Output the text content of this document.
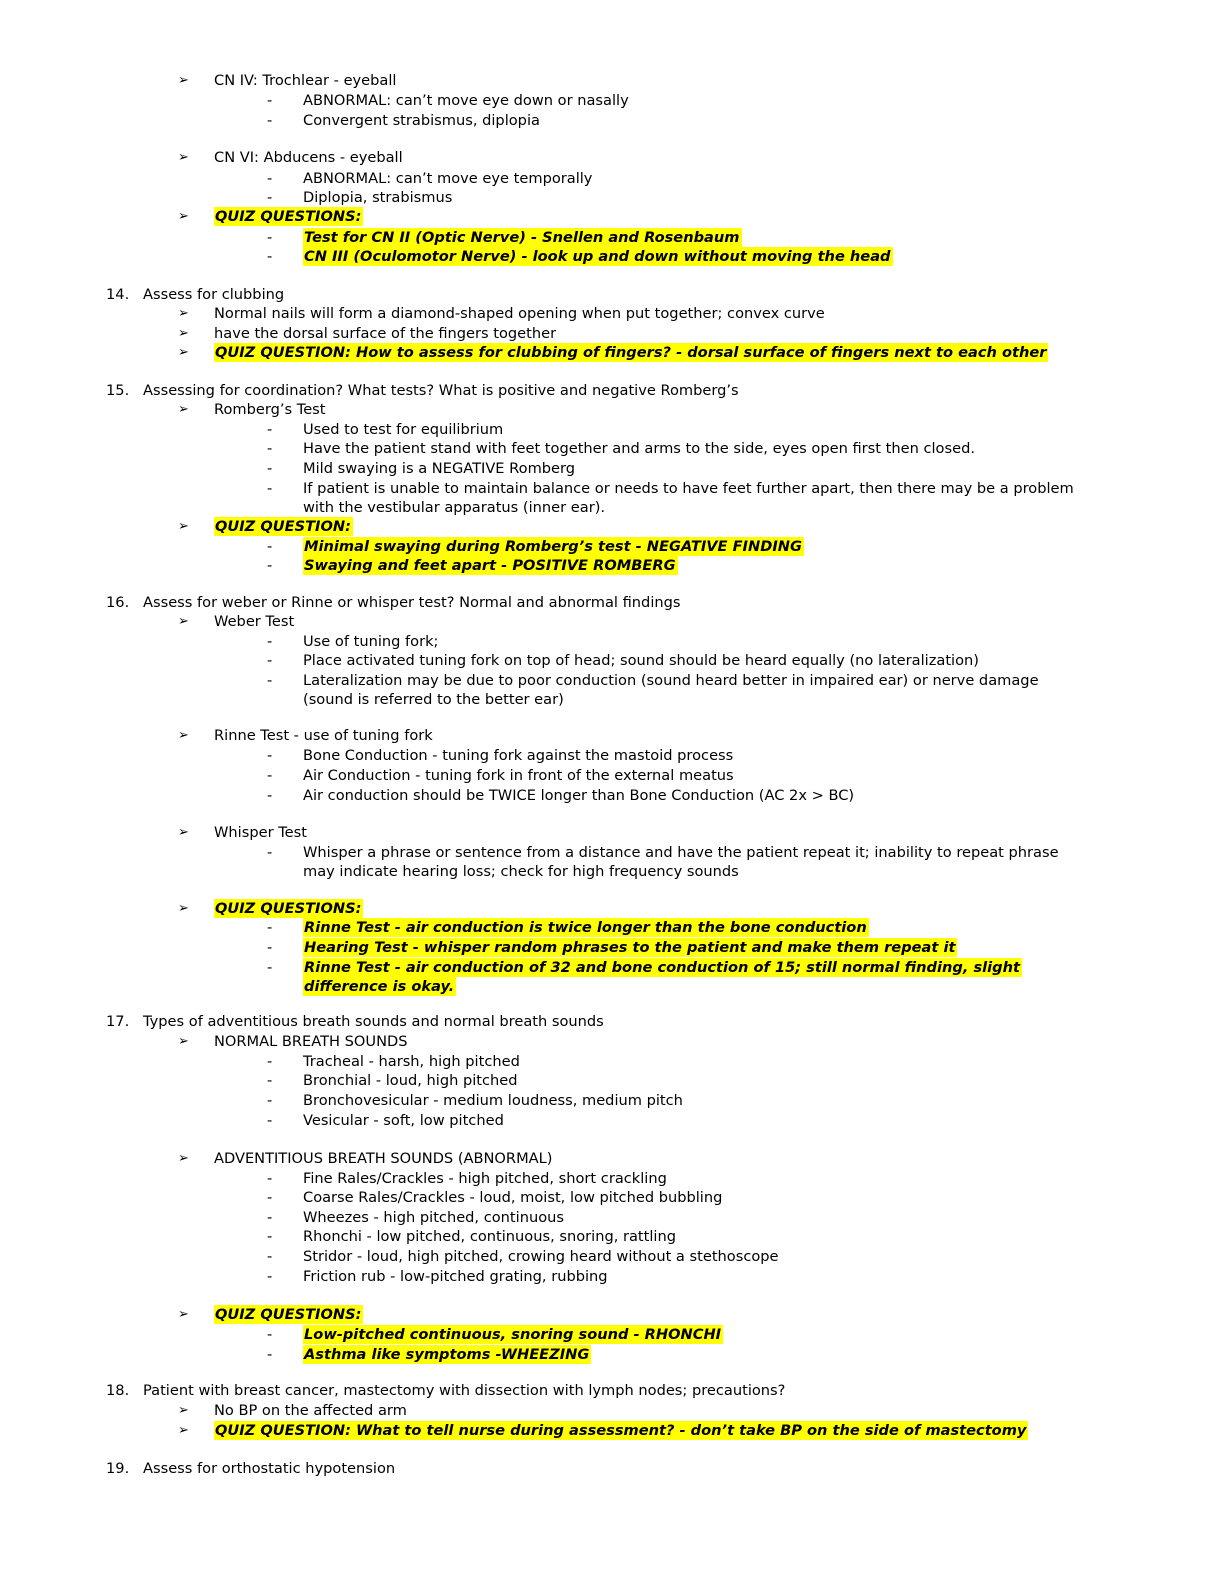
➢ CN IV: Trochlear - eyeball
- ABNORMAL: can’t move eye down or nasally
- Convergent strabismus, diplopia
➢ CN VI: Abducens - eyeball
- ABNORMAL: can’t move eye temporally
- Diplopia, strabismus
➢ QUIZ QUESTIONS:
- Test for CN II (Optic Nerve) - Snellen and Rosenbaum
- CN III (Oculomotor Nerve) - look up and down without moving the head
14. Assess for clubbing
➢ Normal nails will form a diamond-shaped opening when put together; convex curve
➢ have the dorsal surface of the fingers together
➢ QUIZ QUESTION: How to assess for clubbing of fingers? - dorsal surface of fingers next to each other
15. Assessing for coordination? What tests? What is positive and negative Romberg’s
➢ Romberg’s Test
- Used to test for equilibrium
- Have the patient stand with feet together and arms to the side, eyes open first then closed.
- Mild swaying is a NEGATIVE Romberg
- If patient is unable to maintain balance or needs to have feet further apart, then there may be a problem
with the vestibular apparatus (inner ear).
➢ QUIZ QUESTION:
- Minimal swaying during Romberg’s test - NEGATIVE FINDING
- Swaying and feet apart - POSITIVE ROMBERG
16. Assess for weber or Rinne or whisper test? Normal and abnormal findings
➢ Weber Test
- Use of tuning fork;
- Place activated tuning fork on top of head; sound should be heard equally (no lateralization)
- Lateralization may be due to poor conduction (sound heard better in impaired ear) or nerve damage
(sound is referred to the better ear)
➢ Rinne Test - use of tuning fork
- Bone Conduction - tuning fork against the mastoid process
- Air Conduction - tuning fork in front of the external meatus
- Air conduction should be TWICE longer than Bone Conduction (AC 2x > BC)
➢ Whisper Test
- Whisper a phrase or sentence from a distance and have the patient repeat it; inability to repeat phrase
may indicate hearing loss; check for high frequency sounds
➢ QUIZ QUESTIONS:
- Rinne Test - air conduction is twice longer than the bone conduction
- Hearing Test - whisper random phrases to the patient and make them repeat it
- Rinne Test - air conduction of 32 and bone conduction of 15; still normal finding, slight
difference is okay.
17. Types of adventitious breath sounds and normal breath sounds
➢ NORMAL BREATH SOUNDS
- Tracheal - harsh, high pitched
- Bronchial - loud, high pitched
- Bronchovesicular - medium loudness, medium pitch
- Vesicular - soft, low pitched
➢ ADVENTITIOUS BREATH SOUNDS (ABNORMAL)
- Fine Rales/Crackles - high pitched, short crackling
- Coarse Rales/Crackles - loud, moist, low pitched bubbling
- Wheezes - high pitched, continuous
- Rhonchi - low pitched, continuous, snoring, rattling
- Stridor - loud, high pitched, crowing heard without a stethoscope
- Friction rub - low-pitched grating, rubbing
➢ QUIZ QUESTIONS:
- Low-pitched continuous, snoring sound - RHONCHI
- Asthma like symptoms -WHEEZING
18. Patient with breast cancer, mastectomy with dissection with lymph nodes; precautions?
➢ No BP on the affected arm
➢ QUIZ QUESTION: What to tell nurse during assessment? - don’t take BP on the side of mastectomy
19. Assess for orthostatic hypotension
